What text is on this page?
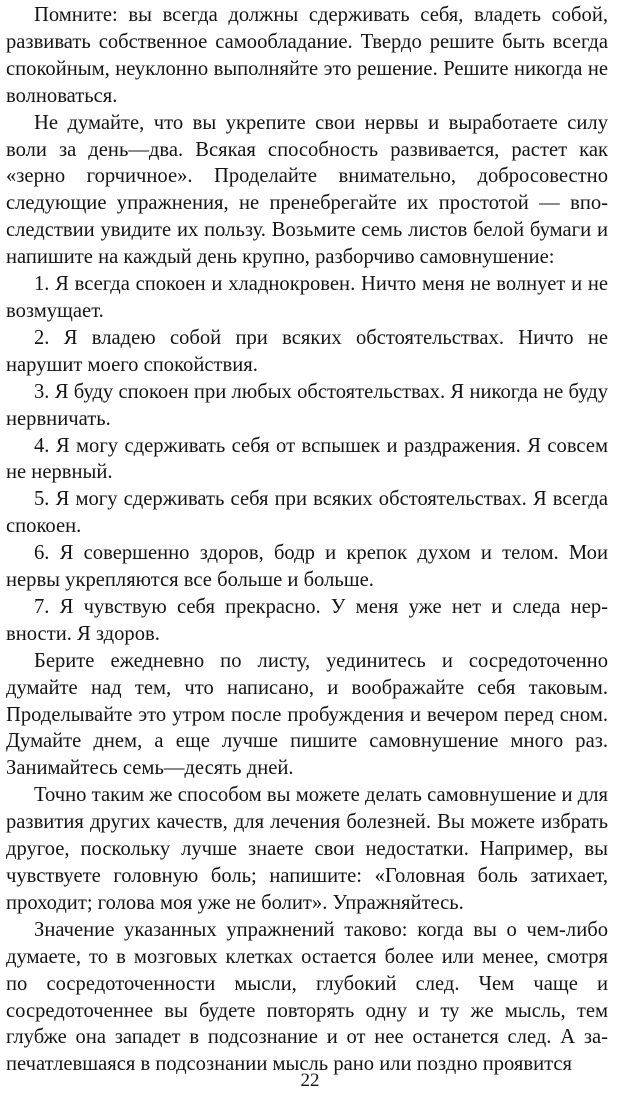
Помните: вы всегда должны сдерживать себя, владеть собой, развивать собственное самообладание. Твердо решите быть всегда спокойным, неуклонно выполняйте это решение. Решите никогда не волноваться.

Не думайте, что вы укрепите свои нервы и выработаете силу воли за день—два. Всякая способность развивается, растет как «зерно горчичное». Проделайте внимательно, добросовестно следующие упражнения, не пренебрегайте их простотой — впоследствии увидите их пользу. Возьмите семь листов белой бумаги и напишите на каждый день крупно, разборчиво самовнушение:

1. Я всегда спокоен и хладнокровен. Ничто меня не волнует и не возмущает.

2. Я владею собой при всяких обстоятельствах. Ничто не нарушит моего спокойствия.

3. Я буду спокоен при любых обстоятельствах. Я никогда не буду нервничать.

4. Я могу сдерживать себя от вспышек и раздражения. Я совсем не нервный.

5. Я могу сдерживать себя при всяких обстоятельствах. Я всегда спокоен.

6. Я совершенно здоров, бодр и крепок духом и телом. Мои нервы укрепляются все больше и больше.

7. Я чувствую себя прекрасно. У меня уже нет и следа нервности. Я здоров.

Берите ежедневно по листу, уединитесь и сосредоточенно думайте над тем, что написано, и воображайте себя таковым. Проделывайте это утром после пробуждения и вечером перед сном. Думайте днем, а еще лучше пишите самовнушение много раз. Занимайтесь семь—десять дней.

Точно таким же способом вы можете делать самовнушение и для развития других качеств, для лечения болезней. Вы можете избрать другое, поскольку лучше знаете свои недостатки. Например, вы чувствуете головную боль; напишите: «Головная боль затихает, проходит; голова моя уже не болит». Упражняйтесь.

Значение указанных упражнений таково: когда вы о чем-либо думаете, то в мозговых клетках остается более или менее, смотря по сосредоточенности мысли, глубокий след. Чем чаще и сосредоточеннее вы будете повторять одну и ту же мысль, тем глубже она западет в подсознание и от нее останется след. А запечатлевшаяся в подсознании мысль рано или поздно проявится

22
